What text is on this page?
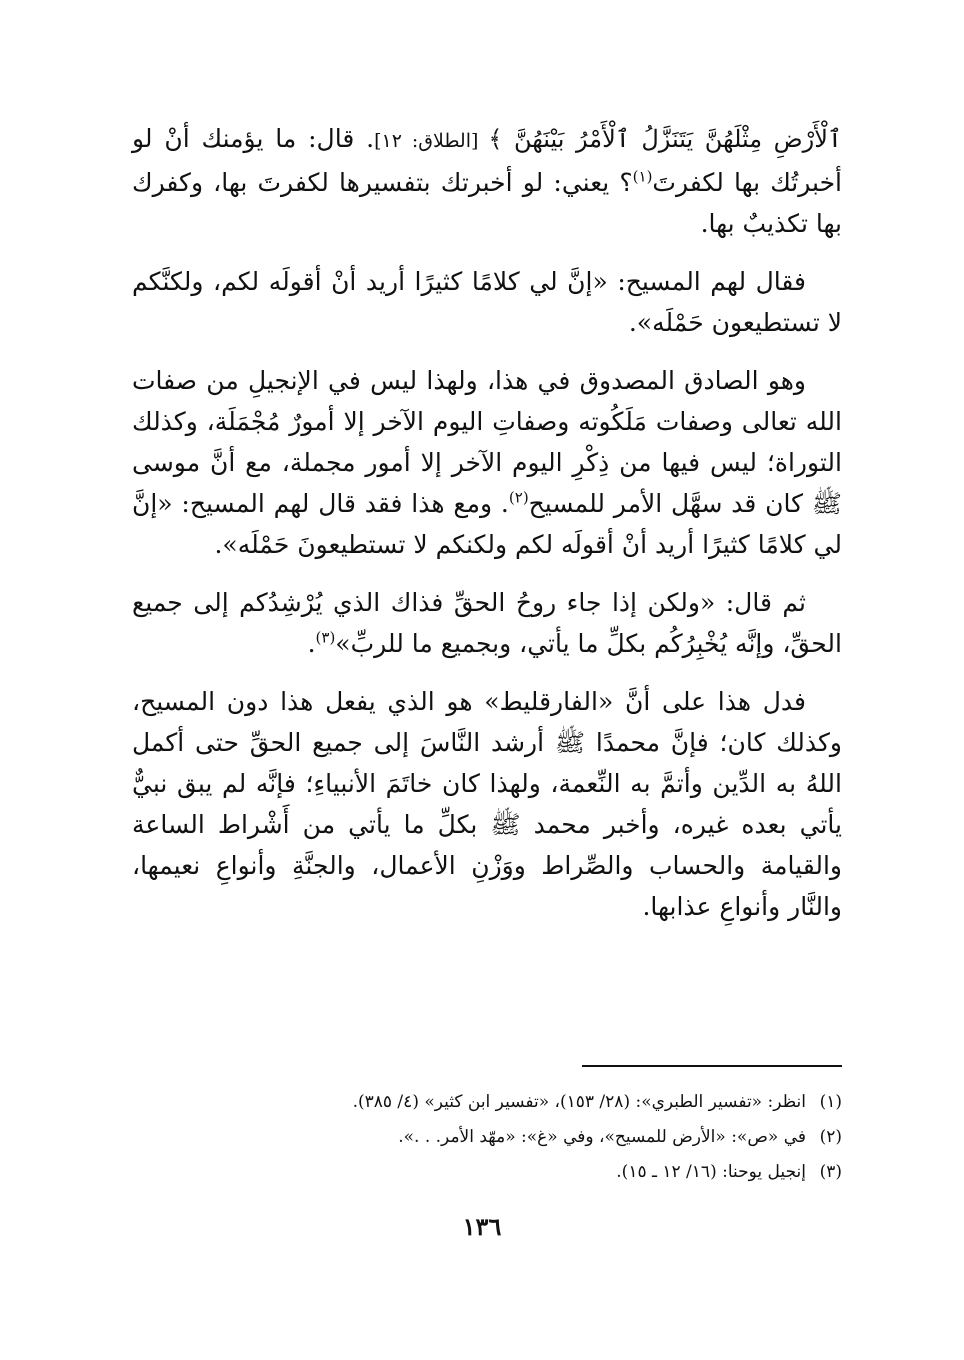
ٱلْأَرْضِ مِثْلَهُنَّ يَتَنَزَّلُ ٱلْأَمْرُ بَيْنَهُنَّ ﴾ [الطلاق: ١٢]. قال: ما يؤمنك أنْ لو أخبرتُك بها لكفرتَ$^{(١)}$؟ يعني: لو أخبرتك بتفسيرها لكفرتَ بها، وكفرك بها تكذيبٌ بها.

فقال لهم المسيح: «إنَّ لي كلامًا كثيرًا أريد أنْ أقولَه لكم، ولكنَّكم لا تستطيعون حَمْلَه».

وهو الصادق المصدوق في هذا، ولهذا ليس في الإنجيلِ من صفات الله تعالى وصفات مَلَكُوته وصفاتِ اليوم الآخر إلا أمورٌ مُجْمَلَة، وكذلك التوراة؛ ليس فيها من ذِكْرِ اليوم الآخر إلا أمور مجملة، مع أنَّ موسى ﷺ كان قد سهَّل الأمر للمسيح$^{(٢)}$. ومع هذا فقد قال لهم المسيح: «إنَّ لي كلامًا كثيرًا أريد أنْ أقولَه لكم ولكنكم لا تستطيعونَ حَمْلَه».

ثم قال: «ولكن إذا جاء روحُ الحقِّ فذاك الذي يُرْشِدُكم إلى جميع الحقِّ، وإنَّه يُخْبِرُكُم بكلِّ ما يأتي، وبجميع ما للربِّ»$^{(٣)}$.

فدل هذا على أنَّ «الفارقليط» هو الذي يفعل هذا دون المسيح، وكذلك كان؛ فإنَّ محمدًا ﷺ أرشد النَّاسَ إلى جميع الحقِّ حتى أكمل اللهُ به الدِّين وأتمَّ به النِّعمة، ولهذا كان خاتَمَ الأنبياءِ؛ فإنَّه لم يبق نبيٌّ يأتي بعده غيره، وأخبر محمد ﷺ بكلِّ ما يأتي من أَشْراط الساعة والقيامة والحساب والصِّراط ووَزْنِ الأعمال، والجنَّةِ وأنواعِ نعيمها، والنَّار وأنواعِ عذابها.

(١)انظر: «تفسير الطبري»: (٢٨/ ١٥٣)، «تفسير ابن كثير» (٤/ ٣٨٥).

(٢)في «ص»: «الأرض للمسيح»، وفي «غ»: «مهّد الأمر. . .».

(٣)إنجيل يوحنا: (١٦/ ١٢ ـ ١٥).

١٣٦
